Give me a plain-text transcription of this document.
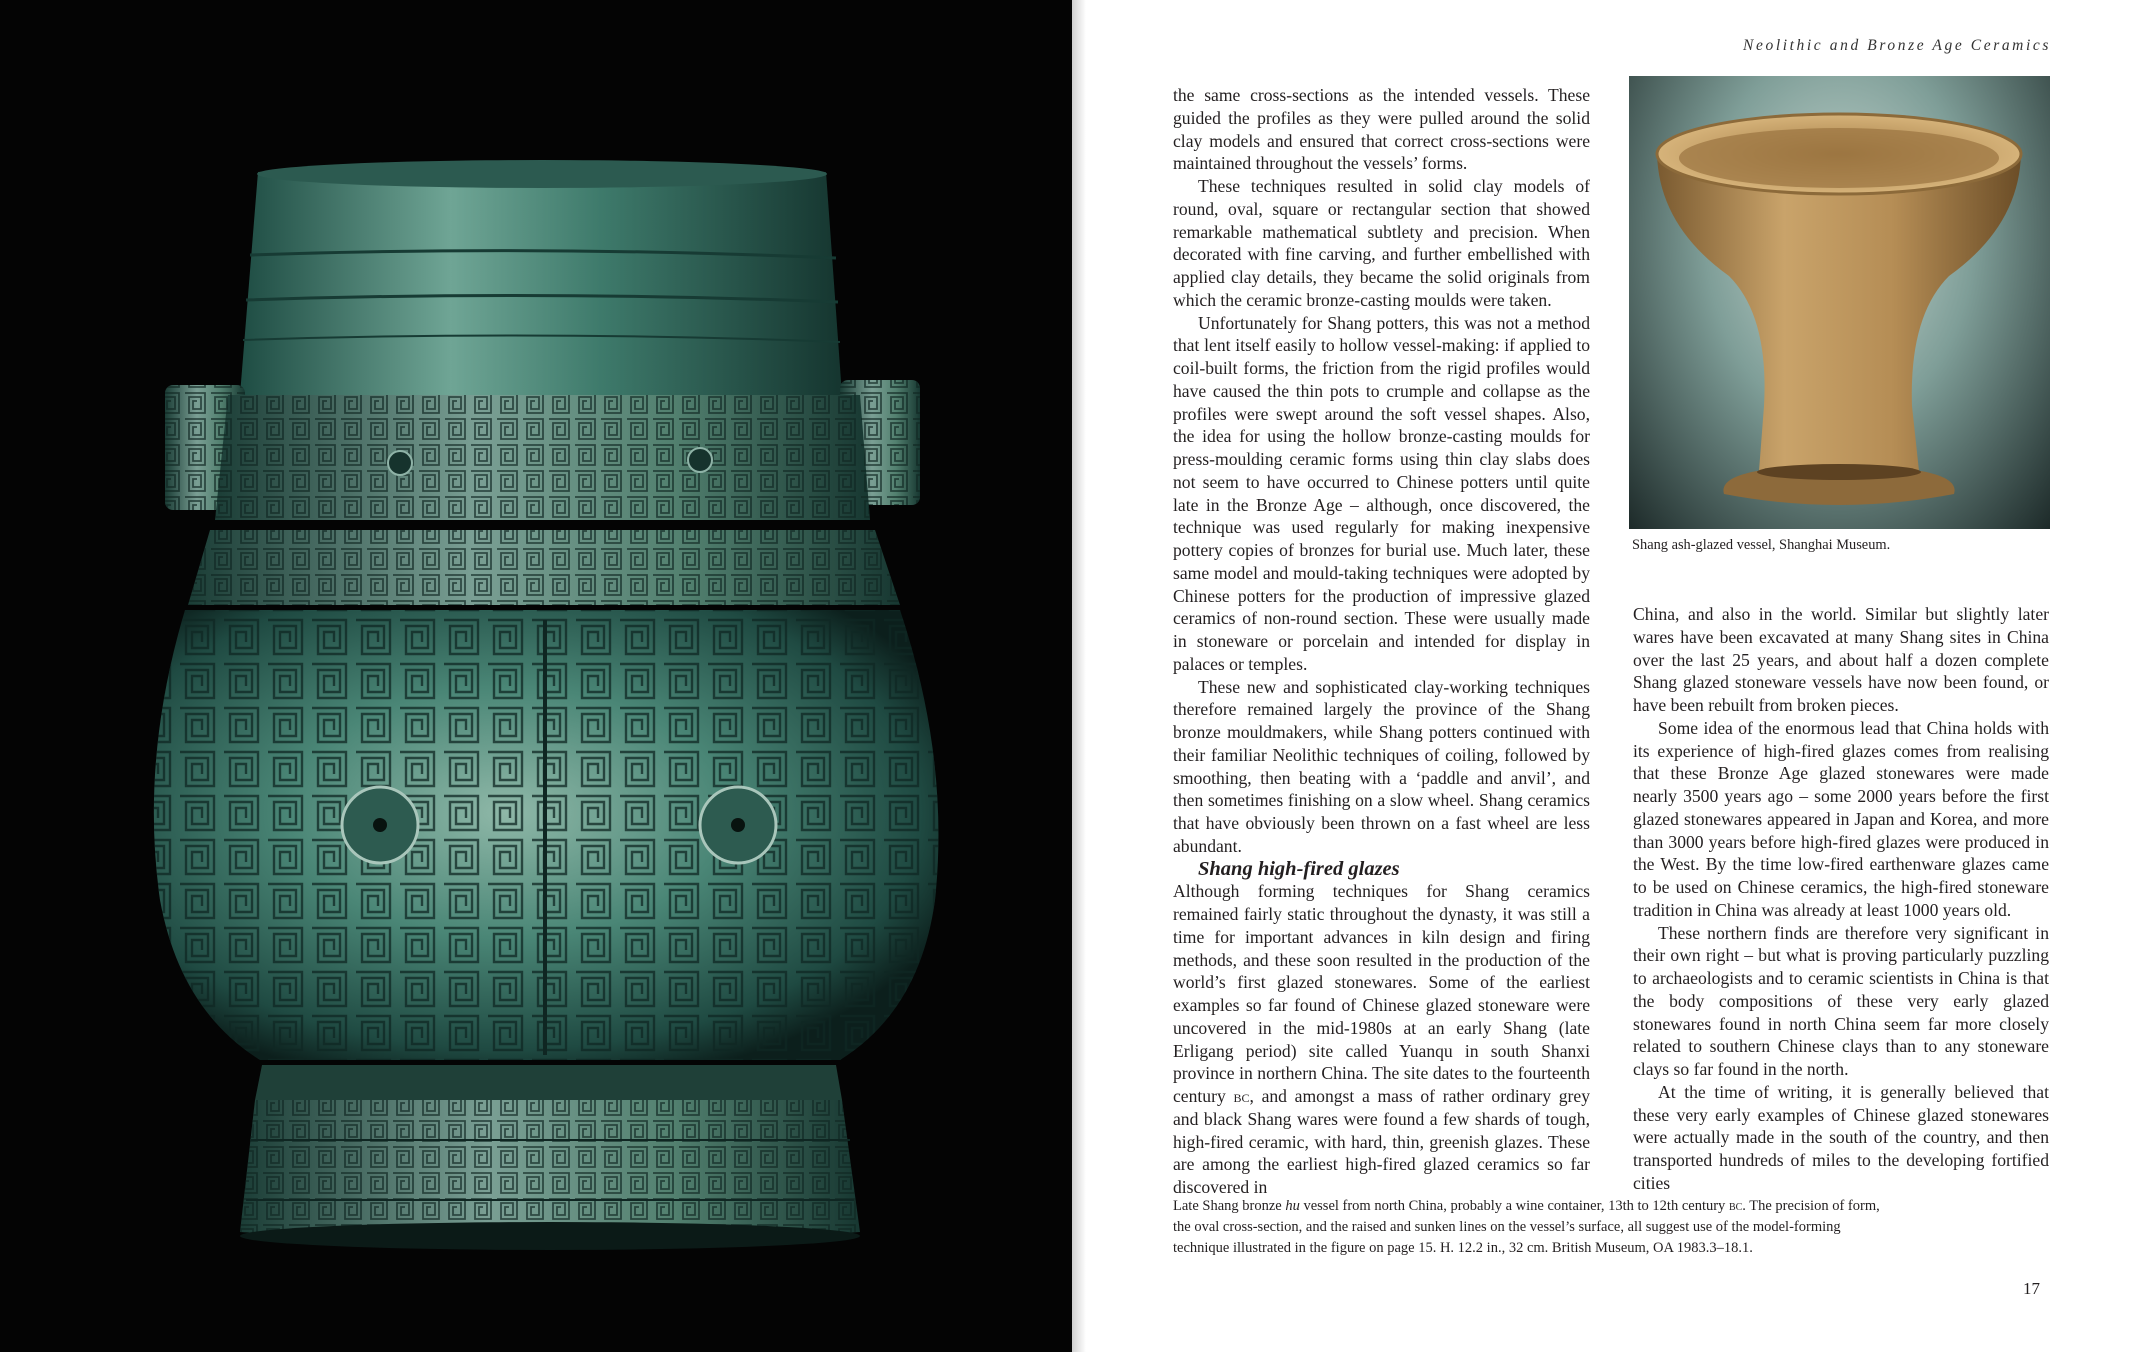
Neolithic and Bronze Age Ceramics

the same cross-sections as the intended vessels. These guided the profiles as they were pulled around the solid clay models and ensured that correct cross-sections were maintained throughout the vessels’ forms.

These techniques resulted in solid clay models of round, oval, square or rectangular section that showed remarkable mathematical subtlety and precision. When decorated with fine carving, and further embellished with applied clay details, they became the solid originals from which the ceramic bronze-casting moulds were taken.

Unfortunately for Shang potters, this was not a method that lent itself easily to hollow vessel-making: if applied to coil-built forms, the friction from the rigid profiles would have caused the thin pots to crumple and collapse as the profiles were swept around the soft vessel shapes. Also, the idea for using the hollow bronze-casting moulds for press-moulding ceramic forms using thin clay slabs does not seem to have occurred to Chinese potters until quite late in the Bronze Age – although, once discovered, the technique was used regularly for making inexpensive pottery copies of bronzes for burial use. Much later, these same model and mould-taking techniques were adopted by Chinese potters for the production of impressive glazed ceramics of non-round section. These were usually made in stoneware or porcelain and intended for display in palaces or temples.

These new and sophisticated clay-working techniques therefore remained largely the province of the Shang bronze mouldmakers, while Shang potters continued with their familiar Neolithic techniques of coiling, followed by smoothing, then beating with a ‘paddle and anvil’, and then sometimes finishing on a slow wheel. Shang ceramics that have obviously been thrown on a fast wheel are less abundant.

Shang high-fired glazes

Although forming techniques for Shang ceramics remained fairly static throughout the dynasty, it was still a time for important advances in kiln design and firing methods, and these soon resulted in the production of the world’s first glazed stonewares. Some of the earliest examples so far found of Chinese glazed stoneware were uncovered in the mid-1980s at an early Shang (late Erligang period) site called Yuanqu in south Shanxi province in northern China. The site dates to the fourteenth century bc, and amongst a mass of rather ordinary grey and black Shang wares were found a few shards of tough, high-fired ceramic, with hard, thin, greenish glazes. These are among the earliest high-fired glazed ceramics so far discovered in

Shang ash-glazed vessel, Shanghai Museum.

China, and also in the world. Similar but slightly later wares have been excavated at many Shang sites in China over the last 25 years, and about half a dozen complete Shang glazed stoneware vessels have now been found, or have been rebuilt from broken pieces.

Some idea of the enormous lead that China holds with its experience of high-fired glazes comes from realising that these Bronze Age glazed stonewares were made nearly 3500 years ago – some 2000 years before the first glazed stonewares appeared in Japan and Korea, and more than 3000 years before high-fired glazes were produced in the West. By the time low-fired earthenware glazes came to be used on Chinese ceramics, the high-fired stoneware tradition in China was already at least 1000 years old.

These northern finds are therefore very significant in their own right – but what is proving particularly puzzling to archaeologists and to ceramic scientists in China is that the body compositions of these very early glazed stonewares found in north China seem far more closely related to southern Chinese clays than to any stoneware clays so far found in the north.

At the time of writing, it is generally believed that these very early examples of Chinese glazed stonewares were actually made in the south of the country, and then transported hundreds of miles to the developing fortified cities

Late Shang bronze hu vessel from north China, probably a wine container, 13th to 12th century bc. The precision of form,
the oval cross-section, and the raised and sunken lines on the vessel’s surface, all suggest use of the model-forming
technique illustrated in the figure on page 15. H. 12.2 in., 32 cm. British Museum, OA 1983.3–18.1.
17
